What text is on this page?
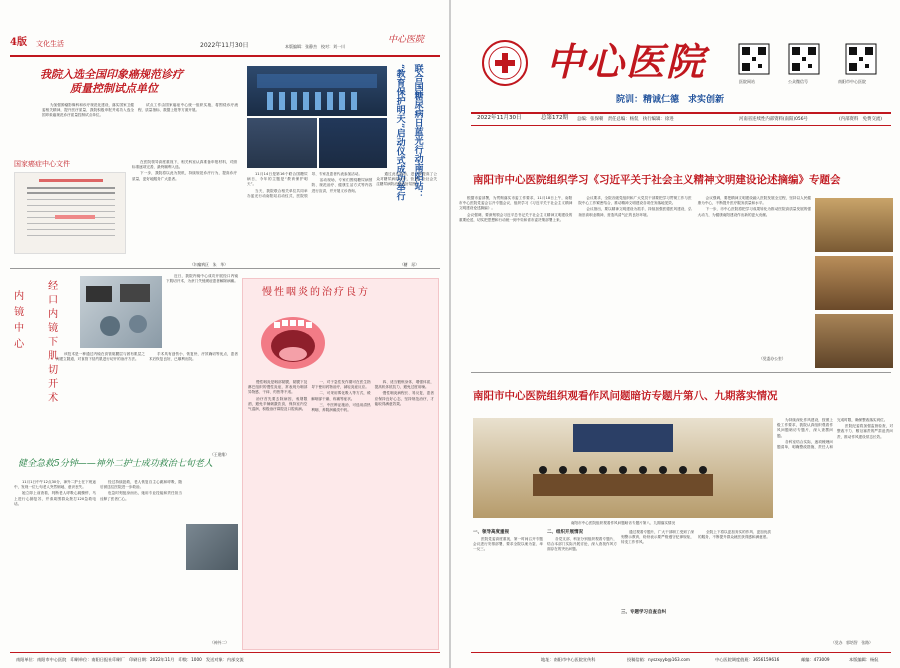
4版 文化生活	2022年11月30日	本版编辑：张静杰　校对：刘一川
中心医院
我院入选全国印象癌规范诊疗
质量控制试点单位

为加强肿瘤影像科和诊疗规范化建设，落实国家卫健委相关精神，提升医疗质量，我院积极申报并成功入选全国印象癌规范诊疗质量控制试点单位。

试点工作由国家癌症中心统一组织实施，将围绕诊疗流程、质量指标、数据上报等方面开展。

国家癌症中心文件	在医院领导高度重视下，相关科室认真准备申报材料，对照标准逐项完善，最终顺利入选。

下一步，我院将以此为契机，持续规范诊疗行为，提高诊疗质量，更好地服务广大患者。

（妇瘤病区　朱　华）
联合国糖尿病日蓝光行动南阳站：
“教育保护明天”启动仪式成功举行

11月14日是第16个联合国糖尿病日，今年的主题是“教育保护明天”。

当天，我院联合相关单位共同举办蓝光行动南阳站启动仪式，医院领导、专家及患者代表参加活动。

活动现场，专家们围绕糖尿病预防、规范治疗、健康生活方式等内容进行宣讲，并开展义诊咨询。

通过此次活动，进一步提高了公众对糖尿病的认识，营造了全社会关注糖尿病防治的良好氛围。

（糖　尿）
内镜中心 经口内镜下肌切开术

近日，我院内镜中心成功开展经口内镜下肌切开术，为贲门失弛缓症患者解除病痛。

该技术是一种通过内镜在食管黏膜层与固有肌层之间建立隧道，对食管下括约肌进行切开的治疗方法。

手术具有创伤小、恢复快、疗效确切等优点，患者术后恢复良好，已顺利出院。

（王建维）
慢性咽炎的治疗良方

慢性咽炎是咽部黏膜、黏膜下及淋巴组织的慢性炎症，常表现为咽部异物感、干痒、灼热等不适。

治疗首先要去除病因，戒烟限酒，避免辛辣刺激饮食，保持室内空气湿润，积极治疗鼻腔及口腔疾病。

一、对于急性发作期可在医生指导下使用药物治疗，减轻炎症反应。

二、可采用雾化吸入等方式，缓解咽部干燥、疼痛等症状。

三、中医辨证施治，可选用清热利咽、养阴润燥类中药。

四、适当锻炼身体，增强体质，提高机体抵抗力，避免过度用嗓。

慢性咽炎病程长、易反复，患者应保持良好心态，坚持规范治疗，才能取得满意效果。

健全急救5分钟——神外二护士成功救治七旬老人

11月1日中午12点30分，神外二护士在下班途中，发现一位七旬老人突然倒地、意识丧失。

她立即上前查看，判断老人呼吸心跳骤停，马上进行心肺复苏，并请周围群众拨打120急救电话。

经过持续抢救，老人恢复自主心跳和呼吸，随后被送往医院进一步救治。

危急时刻挺身而出，她用专业技能和责任担当诠释了医者仁心。

（神外二）
南阳单位：南阳市中心医院　印刷单位：南阳日报社印刷厂　印刷日期：2022年11月　印数：1000　发送对象：内部交流
中心医院	医院网站	公众微信号	南阳市中心医院
院训：精诚仁德　求实创新
2022年11月30日	总第172期 总编：张保朝　责任总编：杨侃　执行编辑：徐进	河南省连续性内部资料(南阳)056号	(内部资料　免费交流)
南阳市中心医院组织学习《习近平关于社会主义精神文明建设论述摘编》专题会

根据市委部署，为贯彻落实市委工作要求，11月18日上午，南阳市中心医院党委会召开专题会议，组织学习《习近平关于社会主义精神文明建设论述摘编》。

会议强调，要深刻领会习近平总书记关于社会主义精神文明建设的重要论述，切实把思想和行动统一到中央和省市委决策部署上来。

会议要求，全院各级党组织和广大党员干部要把学习贯彻工作与医院中心工作紧密结合，推动精神文明建设各项任务落地见效。

会议指出，要以精神文明建设为抓手，持续加强医德医风建设，弘扬崇高职业精神，营造风清气正的良好环境。

会议强调，要把精神文明建设融入医院发展全过程，坚持以人民健康为中心，不断提升医疗服务质量和水平。

下一步，市中心医院将把学习成果转化为推动医院高质量发展的强大动力，为健康南阳建设作出新的更大贡献。

（党委办公室）
南阳市中心医院组织观看作风问题暗访专题片第八、九期落实情况
南阳市中心医院组织观看作风问题暗访专题片第八、九期落实情况

为持续深化作风建设，按照上级工作要求，我院认真组织观看作风问题暗访专题片，深入查摆问题。

各科室结合实际，逐项梳理问题清单，明确整改措施、责任人和完成时限，确保整改落实到位。

医院纪委将加强监督检查，对整改不力、敷衍塞责的严肃追责问责，推动作风建设常态长效。

一、领导高度重视

医院党委高度重视，第一时间召开专题会议进行安排部署，要求全院以案为鉴、举一反三。

二、组织开展情况

各党支部、科室分别组织观看专题片，结合本部门实际开展讨论，深入查找作风方面存在的突出问题。

三、专题学习自查自纠

通过观看专题片，广大干部职工受到了深刻警示教育，纷纷表示要严格遵守纪律规矩，转变工作作风。

全院上下将以更加务实的作风、更加优质的服务，不断提升群众就医获得感和满意度。

（党办　郭培智　张路）
地址：南阳市中心医院宣传科	投稿信箱：nyszxyyb@163.com	中心医院调度值班：3656159616	邮编：473009	本版编辑：杨侃
